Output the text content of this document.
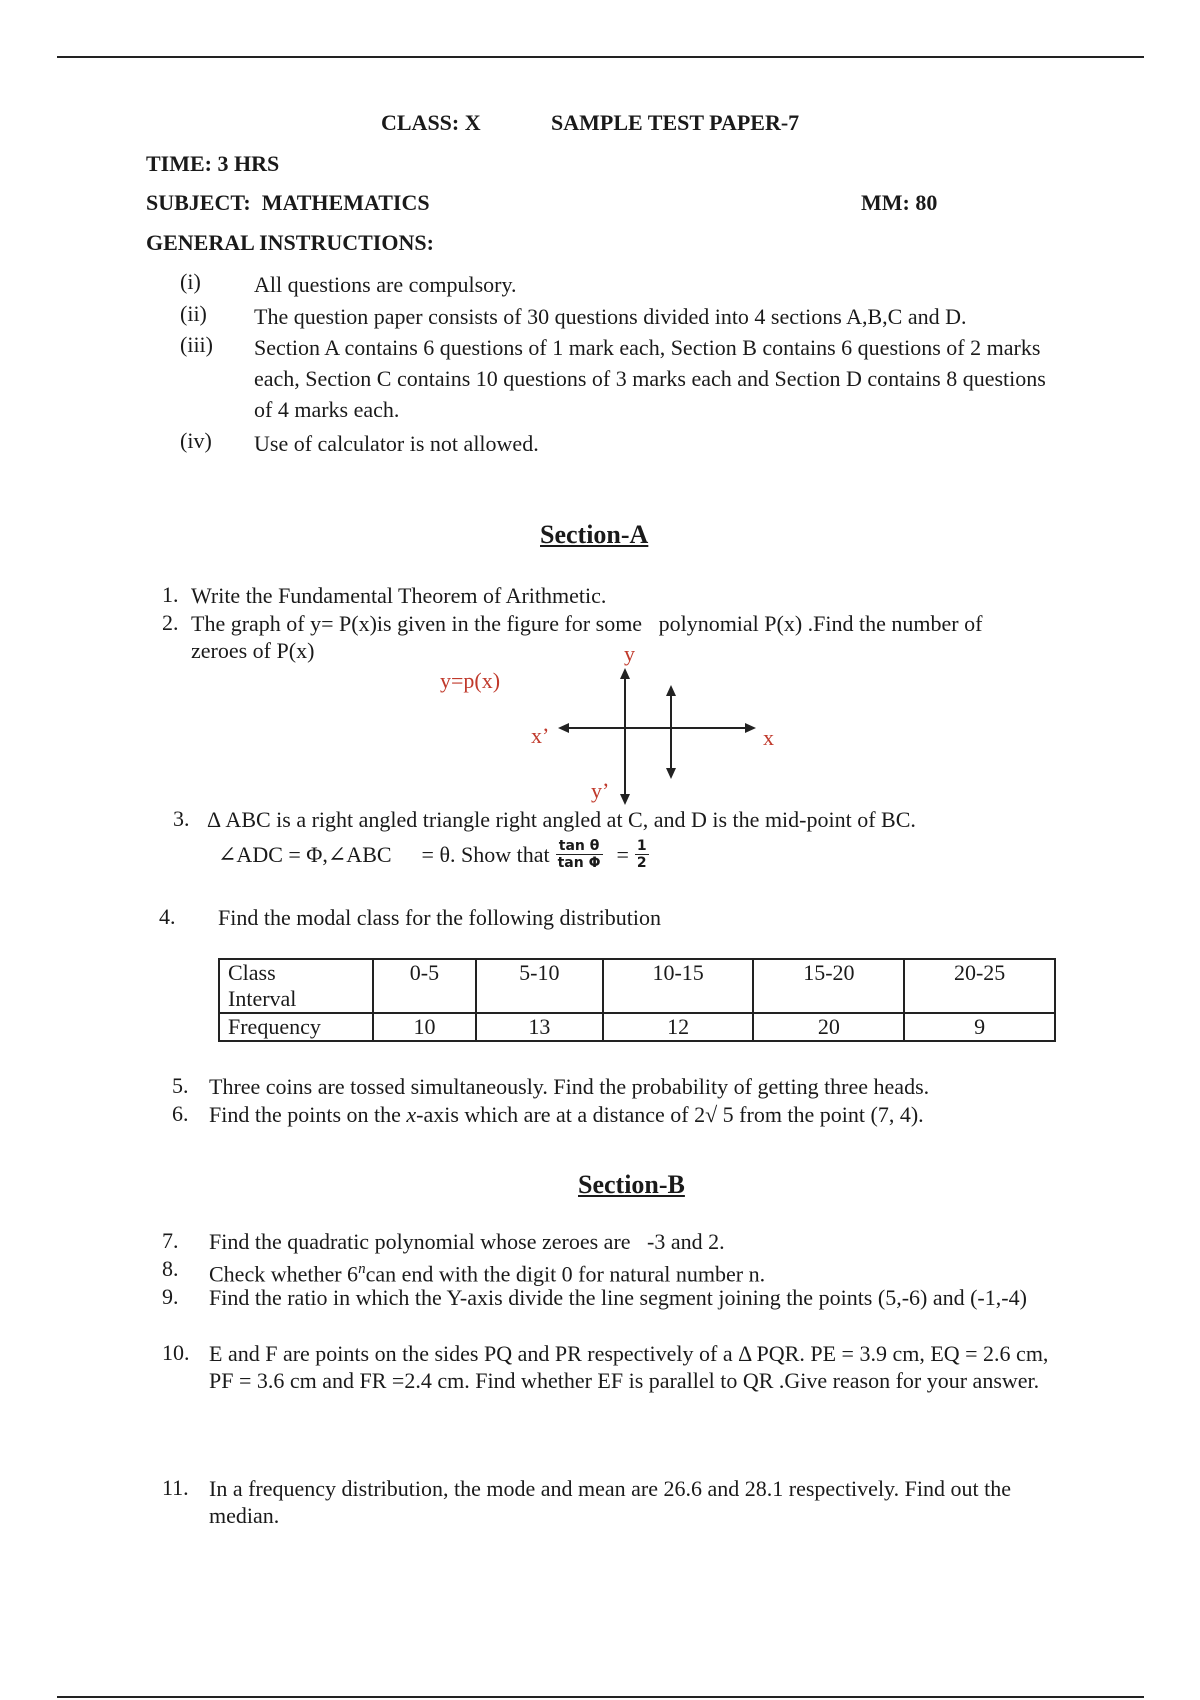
CLASS: X	SAMPLE TEST PAPER-7
TIME: 3 HRS
SUBJECT:  MATHEMATICS	MM: 80
GENERAL INSTRUCTIONS:
(i) All questions are compulsory.
(ii) The question paper consists of 30 questions divided into 4 sections A,B,C and D.
(iii) Section A contains 6 questions of 1 mark each, Section B contains 6 questions of 2 marks each, Section C contains 10 questions of 3 marks each and Section D contains 8 questions of 4 marks each.
(iv) Use of calculator is not allowed.
Section-A
1. Write the Fundamental Theorem of Arithmetic.
2. The graph of y= P(x)is given in the figure for some   polynomial P(x) .Find the number of zeroes of P(x)
y=p(x)
y
x’	x
y’
3. Δ ABC is a right angled triangle right angled at C, and D is the mid-point of BC.
∠ADC = Φ,∠ABC = θ. Show that $\frac{\text{tan θ}}{\text{tan Φ}} = \frac{1}{2}$
4. Find the modal class for the following distribution
Class
Interval	0-5	5-10	10-15	15-20	20-25
Frequency	10	13	12	20	9
5. Three coins are tossed simultaneously. Find the probability of getting three heads.
6. Find the points on the x-axis which are at a distance of 2√ 5 from the point (7, 4).
Section-B
7. Find the quadratic polynomial whose zeroes are   -3 and 2.
8. Check whether 6$^n$can end with the digit 0 for natural number n.
9. Find the ratio in which the Y-axis divide the line segment joining the points (5,-6) and (-1,-4)
10. E and F are points on the sides PQ and PR respectively of a Δ PQR. PE = 3.9 cm, EQ = 2.6 cm, PF = 3.6 cm and FR =2.4 cm. Find whether EF is parallel to QR .Give reason for your answer.
11. In a frequency distribution, the mode and mean are 26.6 and 28.1 respectively. Find out the median.
